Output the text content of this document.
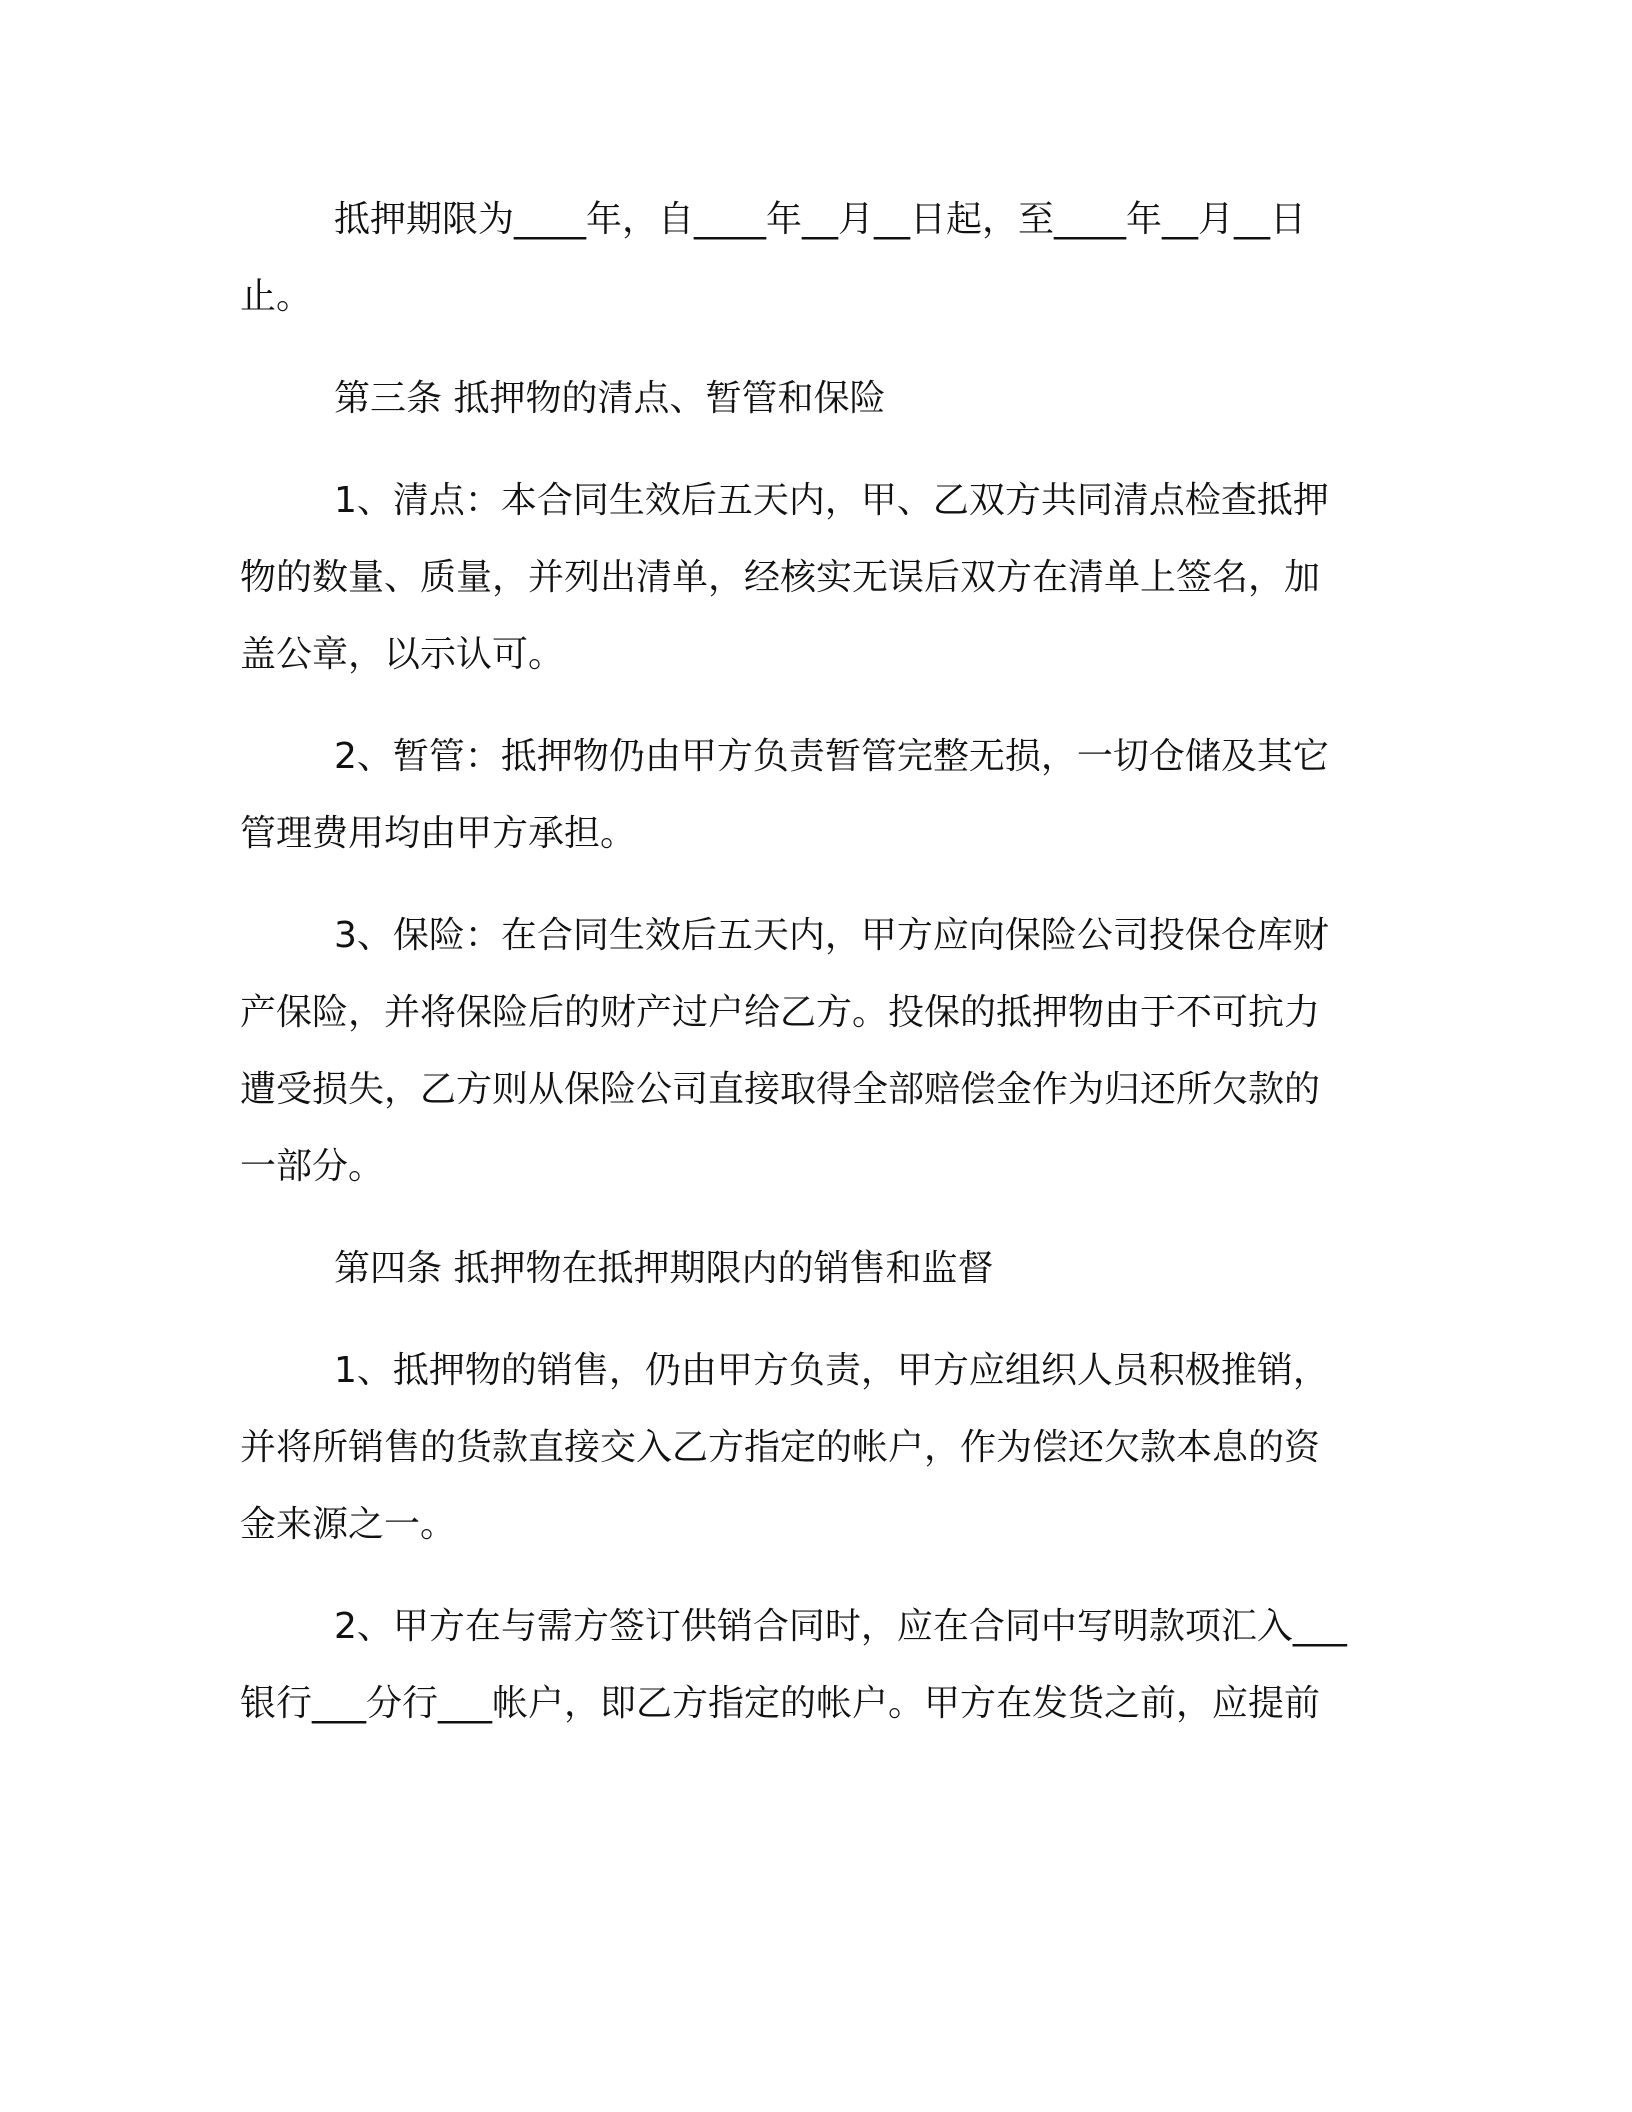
抵押期限为____年，自____年__月__日起，至____年__月__日
止。
第三条 抵押物的清点、暂管和保险
1、清点：本合同生效后五天内，甲、乙双方共同清点检查抵押
物的数量、质量，并列出清单，经核实无误后双方在清单上签名，加
盖公章，以示认可。
2、暂管：抵押物仍由甲方负责暂管完整无损，一切仓储及其它
管理费用均由甲方承担。
3、保险：在合同生效后五天内，甲方应向保险公司投保仓库财
产保险，并将保险后的财产过户给乙方。投保的抵押物由于不可抗力
遭受损失，乙方则从保险公司直接取得全部赔偿金作为归还所欠款的
一部分。
第四条 抵押物在抵押期限内的销售和监督
1、抵押物的销售，仍由甲方负责，甲方应组织人员积极推销，
并将所销售的货款直接交入乙方指定的帐户，作为偿还欠款本息的资
金来源之一。
2、甲方在与需方签订供销合同时，应在合同中写明款项汇入___
银行___分行___帐户，即乙方指定的帐户。甲方在发货之前，应提前
